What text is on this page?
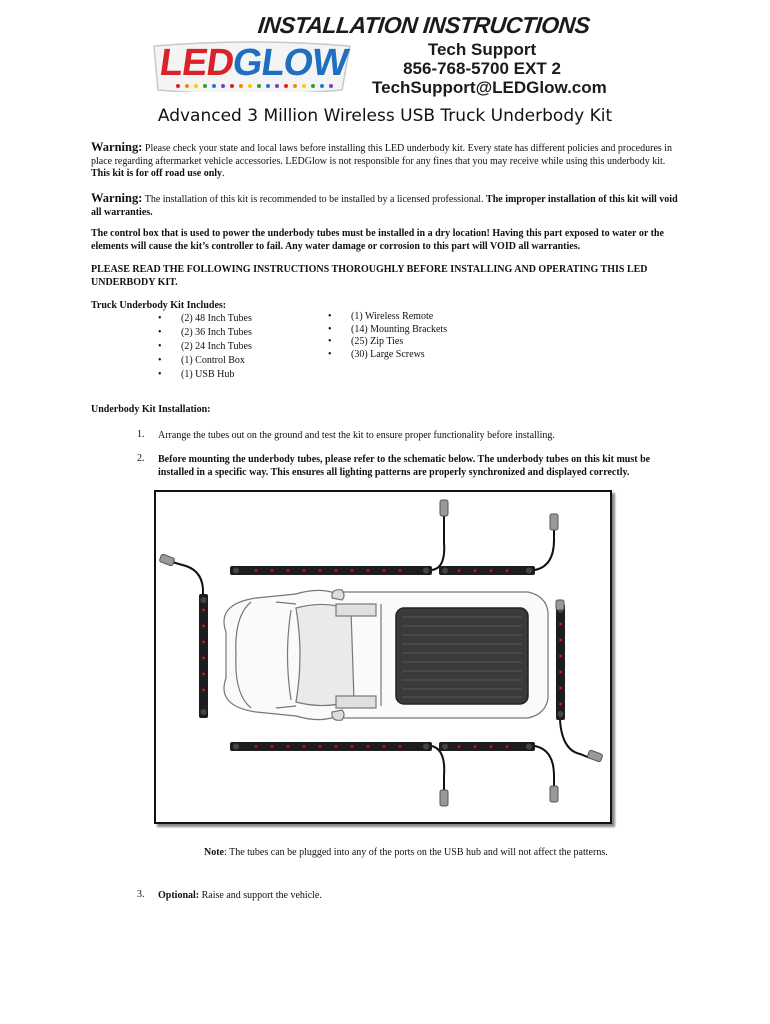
INSTALLATION INSTRUCTIONS
LEDGLOW	Tech Support
856-768-5700 EXT 2
TechSupport@LEDGlow.com
Advanced 3 Million Wireless USB Truck Underbody Kit
Warning: Please check your state and local laws before installing this LED underbody kit. Every state has different policies and procedures in place regarding aftermarket vehicle accessories. LEDGlow is not responsible for any fines that you may receive while using this underbody kit. This kit is for off road use only.
Warning: The installation of this kit is recommended to be installed by a licensed professional. The improper installation of this kit will void all warranties.
The control box that is used to power the underbody tubes must be installed in a dry location! Having this part exposed to water or the elements will cause the kit’s controller to fail. Any water damage or corrosion to this part will VOID all warranties.
PLEASE READ THE FOLLOWING INSTRUCTIONS THOROUGHLY BEFORE INSTALLING AND OPERATING THIS LED UNDERBODY KIT.
Truck Underbody Kit Includes:
• (2) 48 Inch Tubes
• (2) 36 Inch Tubes
• (2) 24 Inch Tubes
• (1) Control Box
• (1) USB Hub
• (1) Wireless Remote
• (14) Mounting Brackets
• (25) Zip Ties
• (30) Large Screws
Underbody Kit Installation:
1. Arrange the tubes out on the ground and test the kit to ensure proper functionality before installing.
2. Before mounting the underbody tubes, please refer to the schematic below. The underbody tubes on this kit must be installed in a specific way. This ensures all lighting patterns are properly synchronized and displayed correctly.
Note: The tubes can be plugged into any of the ports on the USB hub and will not affect the patterns.
3. Optional: Raise and support the vehicle.
